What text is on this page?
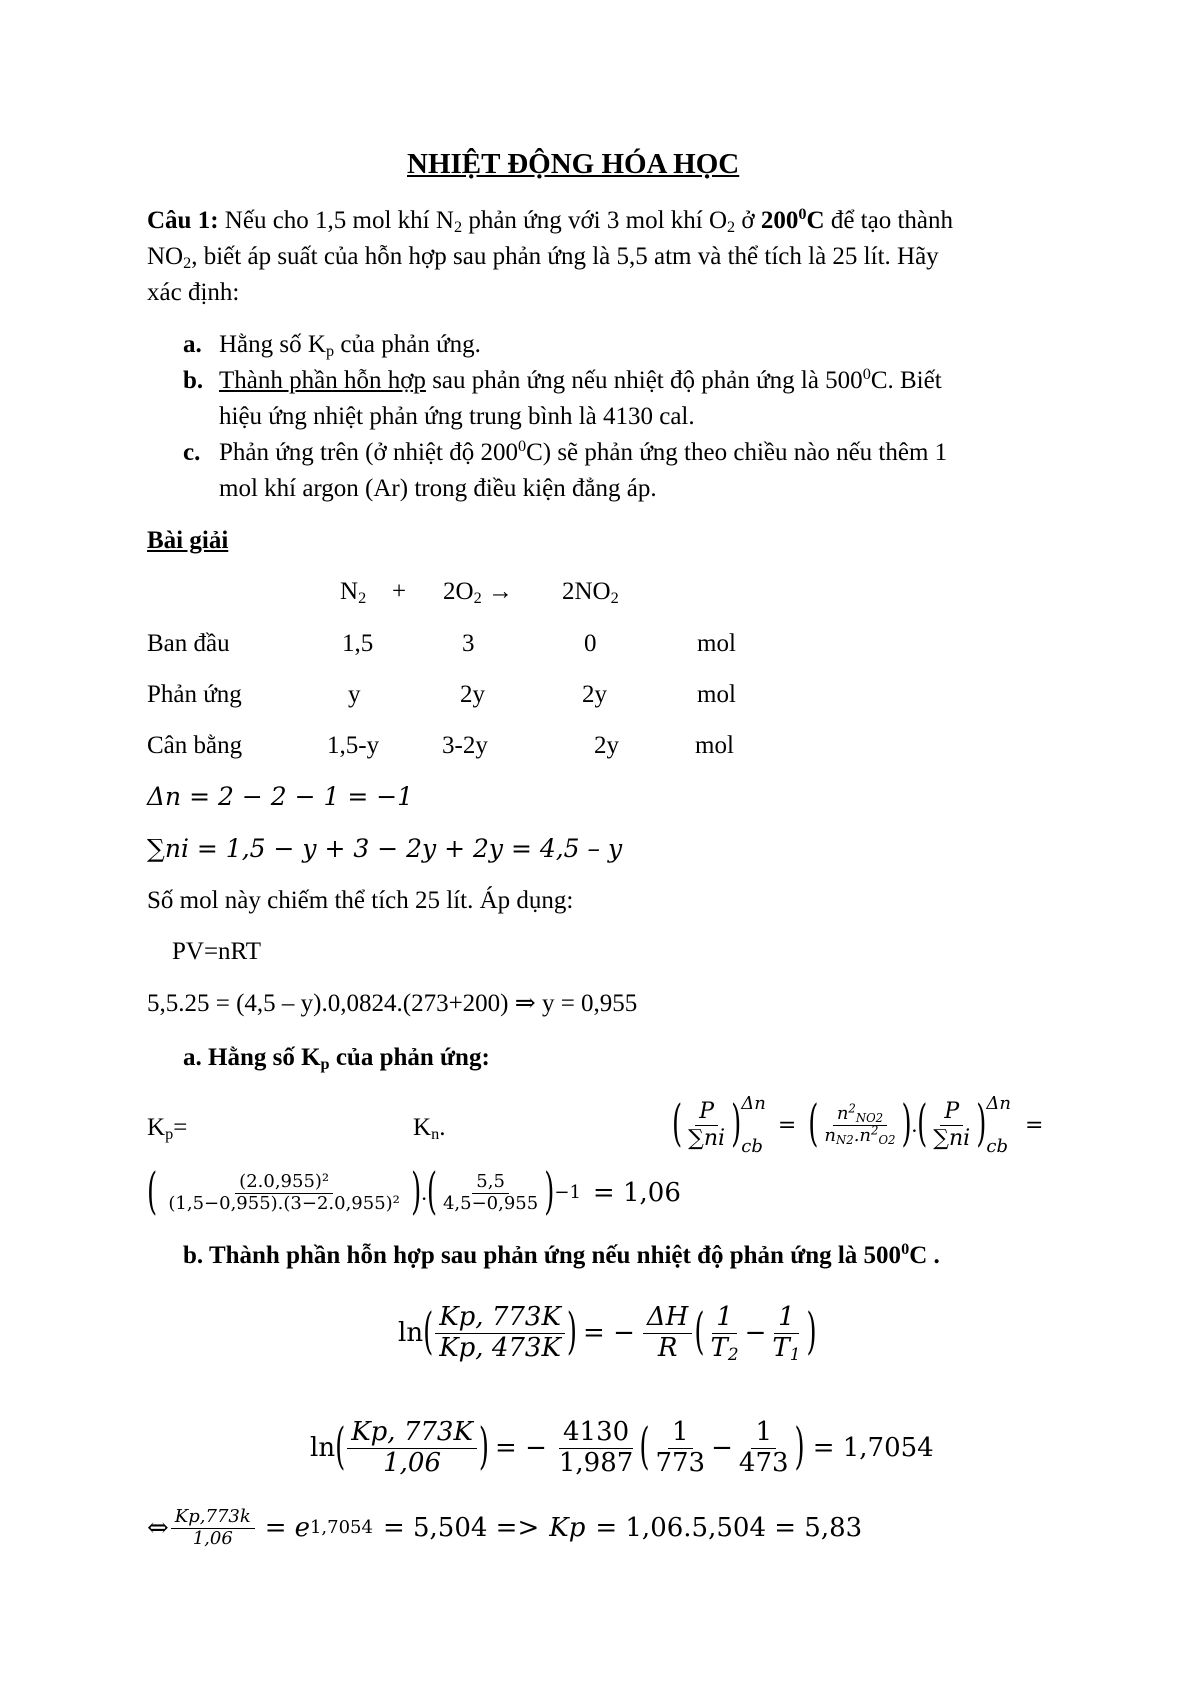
NHIỆT ĐỘNG HÓA HỌC
Câu 1: Nếu cho 1,5 mol khí $N_2$ phản ứng với 3 mol khí $O_2$ ở $200^0C$ để tạo thành
$NO_2$, biết áp suất của hỗn hợp sau phản ứng là 5,5 atm và thể tích là 25 lít. Hãy
xác định:
a. Hằng số $K_p$ của phản ứng.
b. Thành phần hỗn hợp sau phản ứng nếu nhiệt độ phản ứng là $500^0C$. Biết
hiệu ứng nhiệt phản ứng trung bình là 4130 cal.
c. Phản ứng trên (ở nhiệt độ $200^0C$) sẽ phản ứng theo chiều nào nếu thêm 1
mol khí argon (Ar) trong điều kiện đẳng áp.
Bài giải
$N_2 + 2O_2 \to 2NO_2$
Ban đầu	1,5	3	0	mol
Phản ứng	y	2y	2y	mol
Cân bằng	1,5-y	3-2y	2y	mol
Δn = 2 − 2 − 1 = −1
∑ni = 1,5 − y + 3 − 2y + 2y = 4,5 – y
Số mol này chiếm thể tích 25 lít. Áp dụng:
PV=nRT
5,5.25 = (4,5 – y).0,0824.(273+200) ⇒ y = 0,955
a. Hằng số $K_p$ của phản ứng:
$K_p=$	$K_n$.	( $\frac{P}{\sum ni}$ ) Δn
cb
= ( $\frac{n^2_{NO2}}{n_{N2}.n^2_{O2}}$ ) . ( $\frac{P}{\sum ni}$ ) Δn
cb
=
( $\frac{\text{(2.0,955)²}}{\text{(1,5−0,955).(3−2.0,955)²}}$ ) . ( $\frac{5,5}{4,5-0,955}$ ) −1 = 1,06
b. Thành phần hỗn hợp sau phản ứng nếu nhiệt độ phản ứng là $500^0C$ .
ln ( $\frac{Kp, 773K}{Kp, 473K}$ ) = − $\frac{\Delta H}{R}$ ( $\frac{1}{T_2} - \frac{1}{T_1}$ )
ln ( $\frac{Kp, 773K}{1,06}$ ) = − $\frac{4130}{1,987}$ ( $\frac{1}{773} - \frac{1}{473}$ ) = 1,7054
⇔ $\frac{Kp,773k}{1,06} = e$ 1,7054 = 5,504 => Kp = 1,06.5,504 = 5,83
